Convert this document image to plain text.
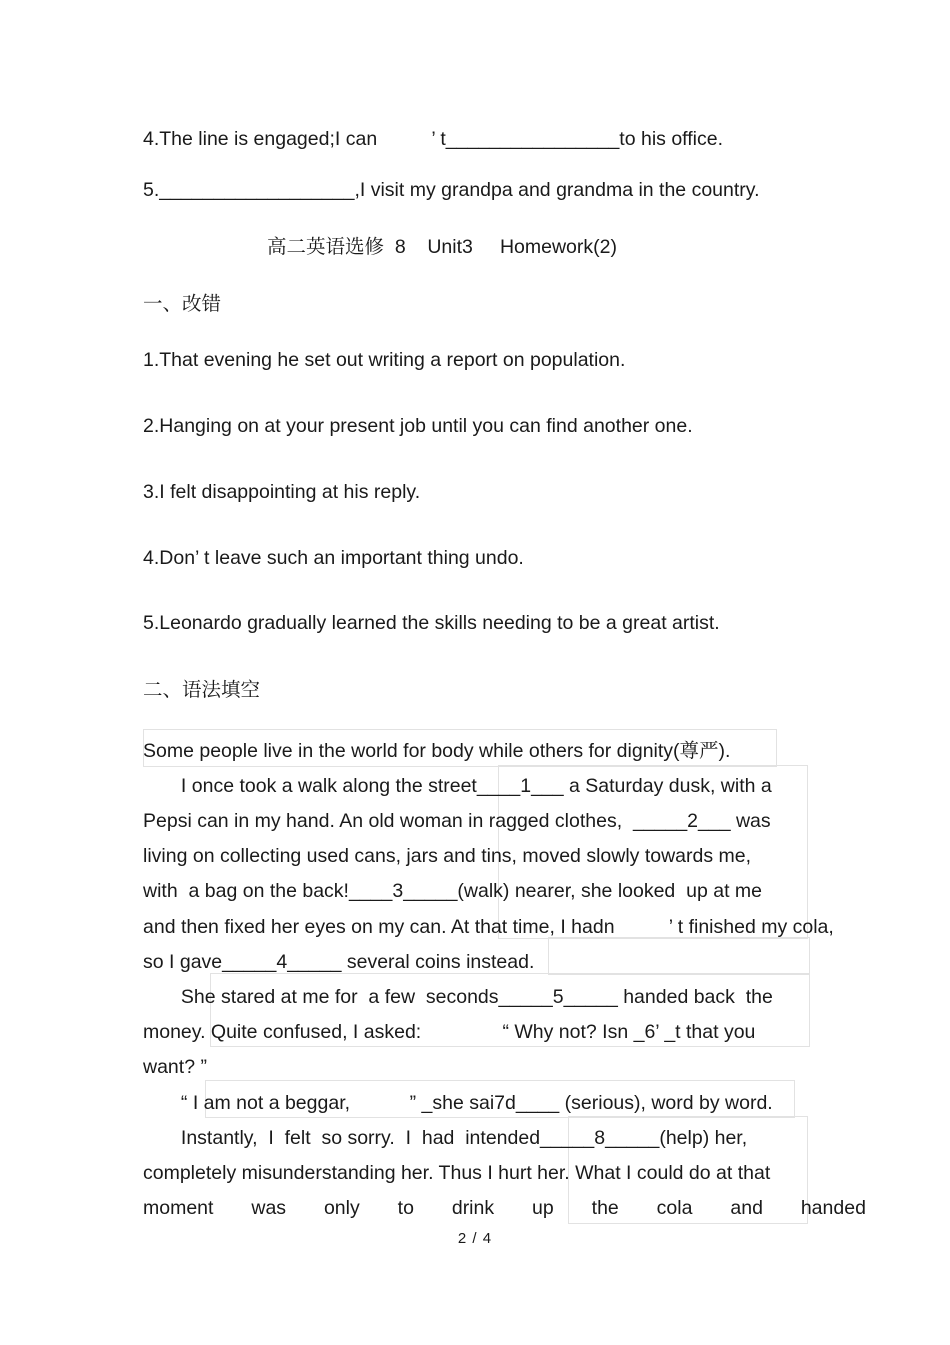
4.The line is engaged;I can          ’ t________________to his office.
5.__________________,I visit my grandpa and grandma in the country.
高二英语选修  8    Unit3     Homework(2)
一、改错
1.That evening he set out writing a report on population.
2.Hanging on at your present job until you can find another one.
3.I felt disappointing at his reply.
4.Don’ t leave such an important thing undo.
5.Leonardo gradually learned the skills needing to be a great artist.
二、语法填空
Some people live in the world for body while others for dignity(尊严).
I once took a walk along the street____1___ a Saturday dusk, with a
Pepsi can in my hand. An old woman in ragged clothes,  _____2___ was
living on collecting used cans, jars and tins, moved slowly towards me,
with  a bag on the back!____3_____(walk) nearer, she looked  up at me
and then fixed her eyes on my can. At that time, I hadn          ’ t finished my cola,
so I gave_____4_____ several coins instead.
She stared at me for  a few  seconds_____5_____ handed back  the
money. Quite confused, I asked:               “ Why not? Isn _6’ _t that you
want? ”
“ I am not a beggar,           ” _she sai7d____ (serious), word by word.
Instantly,  I  felt  so sorry.  I  had  intended_____8_____(help) her,
completely misunderstanding her. Thus I hurt her. What I could do at that
moment       was       only       to       drink       up       the       cola       and       handed
2 / 4
